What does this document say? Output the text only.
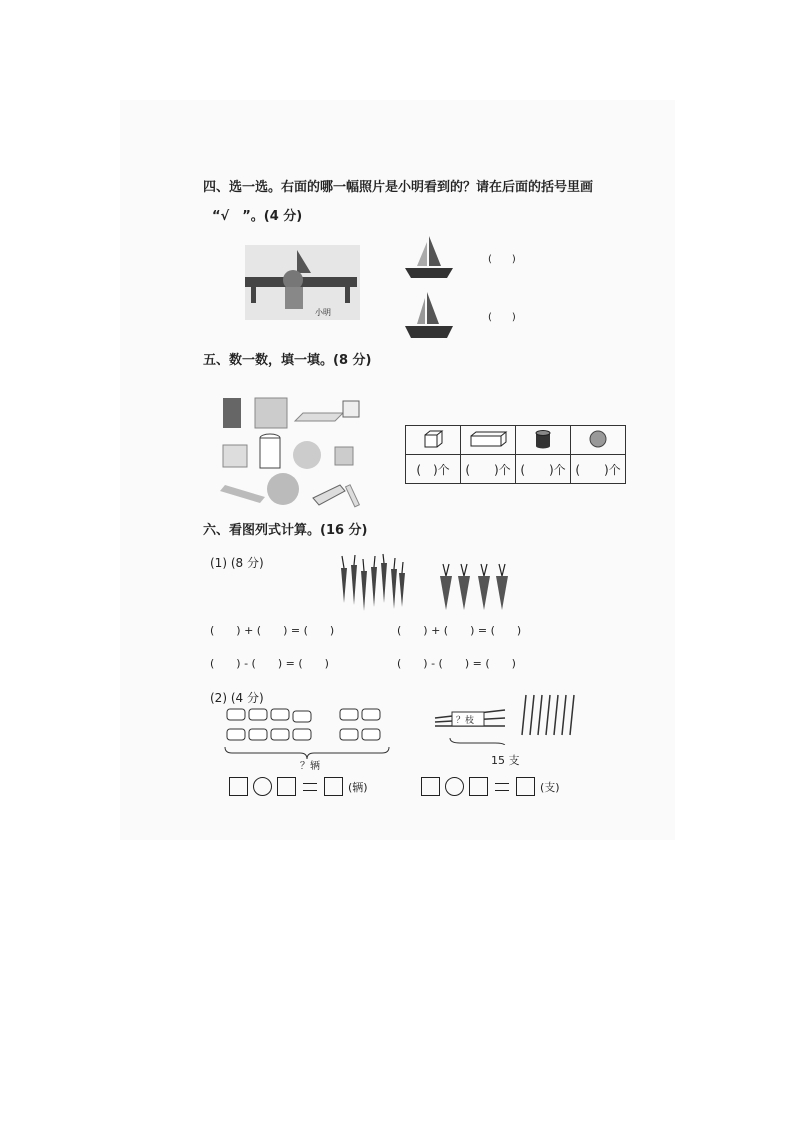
四、选一选。右面的哪一幅照片是小明看到的？请在后面的括号里画
“√　”。(4 分)
小明
(　　)
(　　)
五、数一数，填一填。(8 分)

(　)个	(　　)个	(　　)个	(　　)个
六、看图列式计算。(16 分)
(1) (8 分)
(　　) + (　　) = (　　)	(　　) + (　　) = (　　)
(　　) - (　　) = (　　)	(　　) - (　　) = (　　)
(2) (4 分)
？辆
？枝
15 支
(辆)	(支)
